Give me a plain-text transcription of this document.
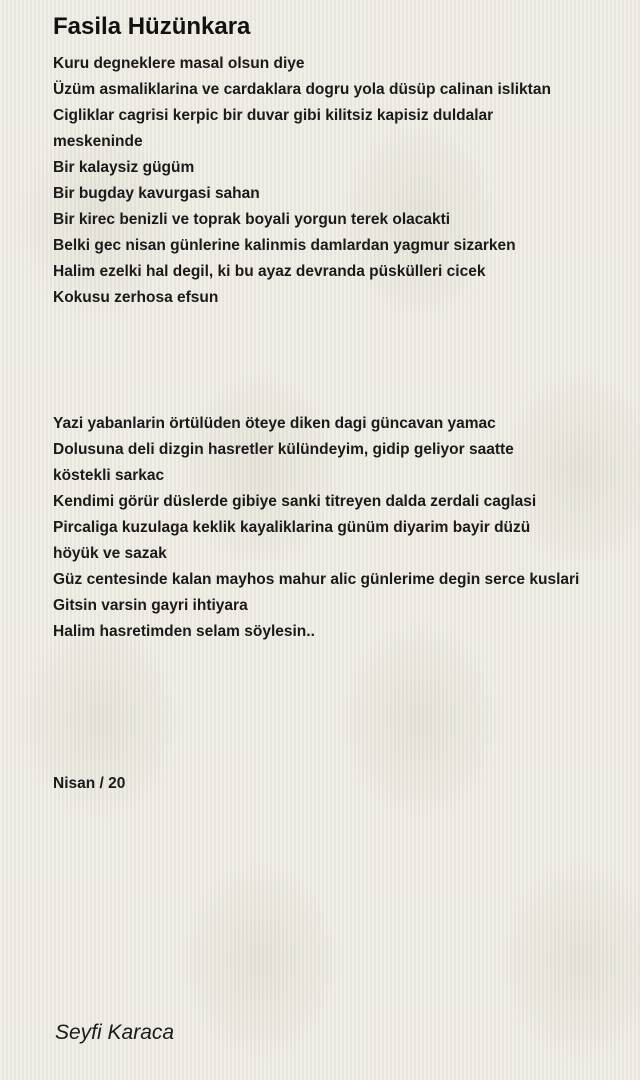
Fasila Hüzünkara
Kuru degneklere masal olsun diye
Üzüm asmaliklarina ve cardaklara dogru yola düsüp calinan isliktan
Cigliklar cagrisi kerpic bir duvar gibi kilitsiz kapisiz duldalar
meskeninde
Bir kalaysiz gügüm
Bir bugday kavurgasi sahan
Bir kirec benizli ve toprak boyali yorgun terek olacakti
Belki gec nisan günlerine kalinmis damlardan yagmur sizarken
Halim ezelki hal degil, ki bu ayaz devranda püskülleri cicek
Kokusu zerhosa efsun
Yazi yabanlarin örtülüden öteye diken dagi güncavan yamac
Dolusuna deli dizgin hasretler külündeyim, gidip geliyor saatte
köstekli sarkac
Kendimi görür düslerde gibiye sanki titreyen dalda zerdali caglasi
Pircaliga kuzulaga keklik kayaliklarina günüm diyarim bayir düzü
höyük ve sazak
Güz centesinde kalan mayhos mahur alic günlerime degin serce kuslari
Gitsin varsin gayri ihtiyara
Halim hasretimden selam söylesin..
Nisan / 20
Seyfi Karaca
